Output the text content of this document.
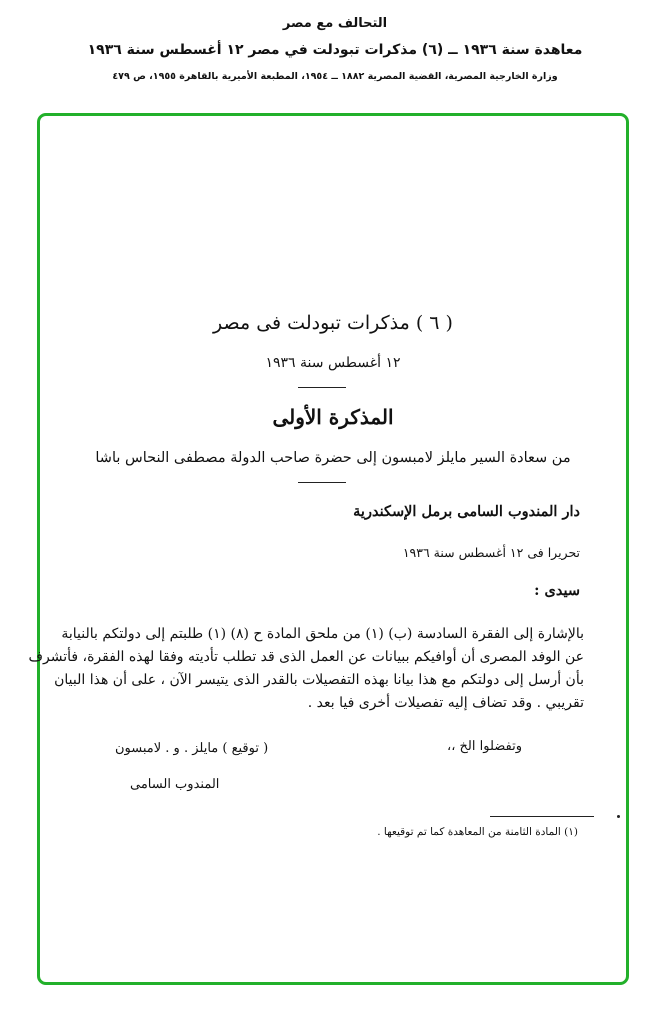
التحالف مع مصر
معاهدة سنة ١٩٣٦ ــ (٦) مذكرات تبودلت في مصر ١٢ أغسطس سنة ١٩٣٦
وزارة الخارجية المصرية، القضية المصرية ١٨٨٢ ــ ١٩٥٤، المطبعة الأميرية بالقاهرة ١٩٥٥، ص ٤٧٩
( ٦ ) مذكرات تبودلت فى مصر
١٢ أغسطس سنة ١٩٣٦
المذكرة الأولى
من سعادة السير مايلز لامبسون إلى حضرة صاحب الدولة مصطفى النحاس باشا
دار المندوب السامى برمل الإسكندرية
تحريرا فى ١٢ أغسطس سنة ١٩٣٦
سيدى :
بالإشارة إلى الفقرة السادسة (ب) (١) من ملحق المادة ح (٨) (١) طلبتم إلى دولتكم بالنيابة
عن الوفد المصرى أن أوافيكم ببيانات عن العمل الذى قد تطلب تأديته وفقا لهذه الفقرة، فأتشرف
بأن أرسل إلى دولتكم مع هذا بيانا بهذه التفصيلات بالقدر الذى يتيسر الآن ، على أن هذا البيان
تقريبي . وقد تضاف إليه تفصيلات أخرى فيا بعد .
وتفضلوا الخ ،،
( توقيع ) مايلز . و . لامبسون
المندوب السامى
(١) المادة الثامنة من المعاهدة كما تم توقيعها .
